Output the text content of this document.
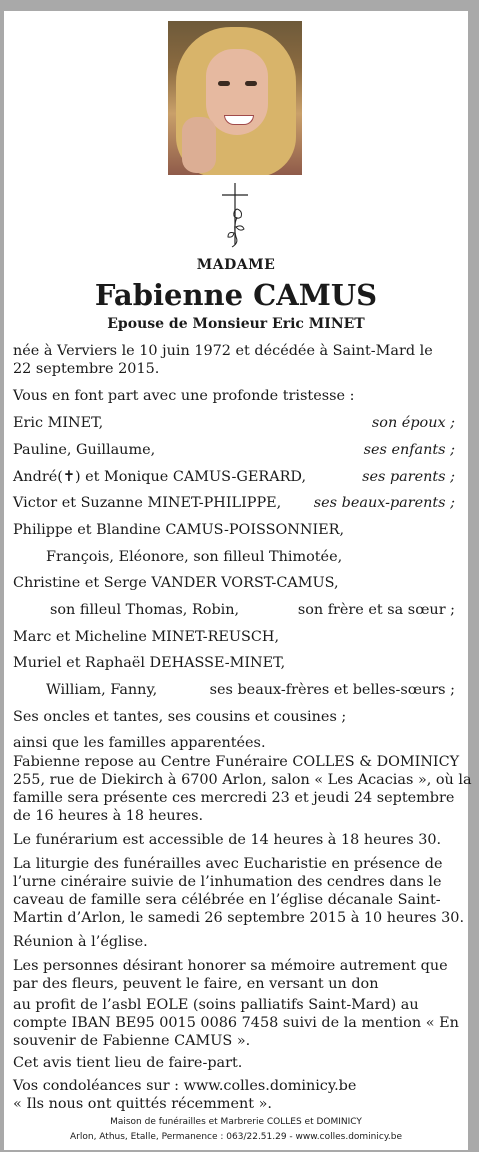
MADAME
Fabienne CAMUS
Epouse de Monsieur Eric MINET
née à Verviers le 10 juin 1972 et décédée à Saint-Mard le
22 septembre 2015.
Vous en font part avec une profonde tristesse :
Eric MINET,	son époux ;
Pauline, Guillaume,	ses enfants ;
André(✝) et Monique CAMUS-GERARD,	ses parents ;
Victor et Suzanne MINET-PHILIPPE, ses beaux-parents ;
Philippe et Blandine CAMUS-POISSONNIER,
François, Eléonore, son filleul Thimotée,
Christine et Serge VANDER VORST-CAMUS,
son filleul Thomas, Robin,	son frère et sa sœur ;
Marc et Micheline MINET-REUSCH,
Muriel et Raphaël DEHASSE-MINET,
William, Fanny,	ses beaux-frères et belles-sœurs ;
Ses oncles et tantes, ses cousins et cousines ;
ainsi que les familles apparentées.
Fabienne repose au Centre Funéraire COLLES & DOMINICY
255, rue de Diekirch à 6700 Arlon, salon « Les Acacias », où la
famille sera présente ces mercredi 23 et jeudi 24 septembre
de 16 heures à 18 heures.
Le funérarium est accessible de 14 heures à 18 heures 30.
La liturgie des funérailles avec Eucharistie en présence de
l’urne cinéraire suivie de l’inhumation des cendres dans le
caveau de famille sera célébrée en l’église décanale Saint-
Martin d’Arlon, le samedi 26 septembre 2015 à 10 heures 30.
Réunion à l’église.
Les personnes désirant honorer sa mémoire autrement que
par des fleurs, peuvent le faire, en versant un don
au profit de l’asbl EOLE (soins palliatifs Saint-Mard) au
compte IBAN BE95 0015 0086 7458 suivi de la mention « En
souvenir de Fabienne CAMUS ».
Cet avis tient lieu de faire-part.
Vos condoléances sur : www.colles.dominicy.be
« Ils nous ont quittés récemment ».
Maison de funérailles et Marbrerie COLLES et DOMINICY
Arlon, Athus, Etalle, Permanence : 063/22.51.29 - www.colles.dominicy.be
